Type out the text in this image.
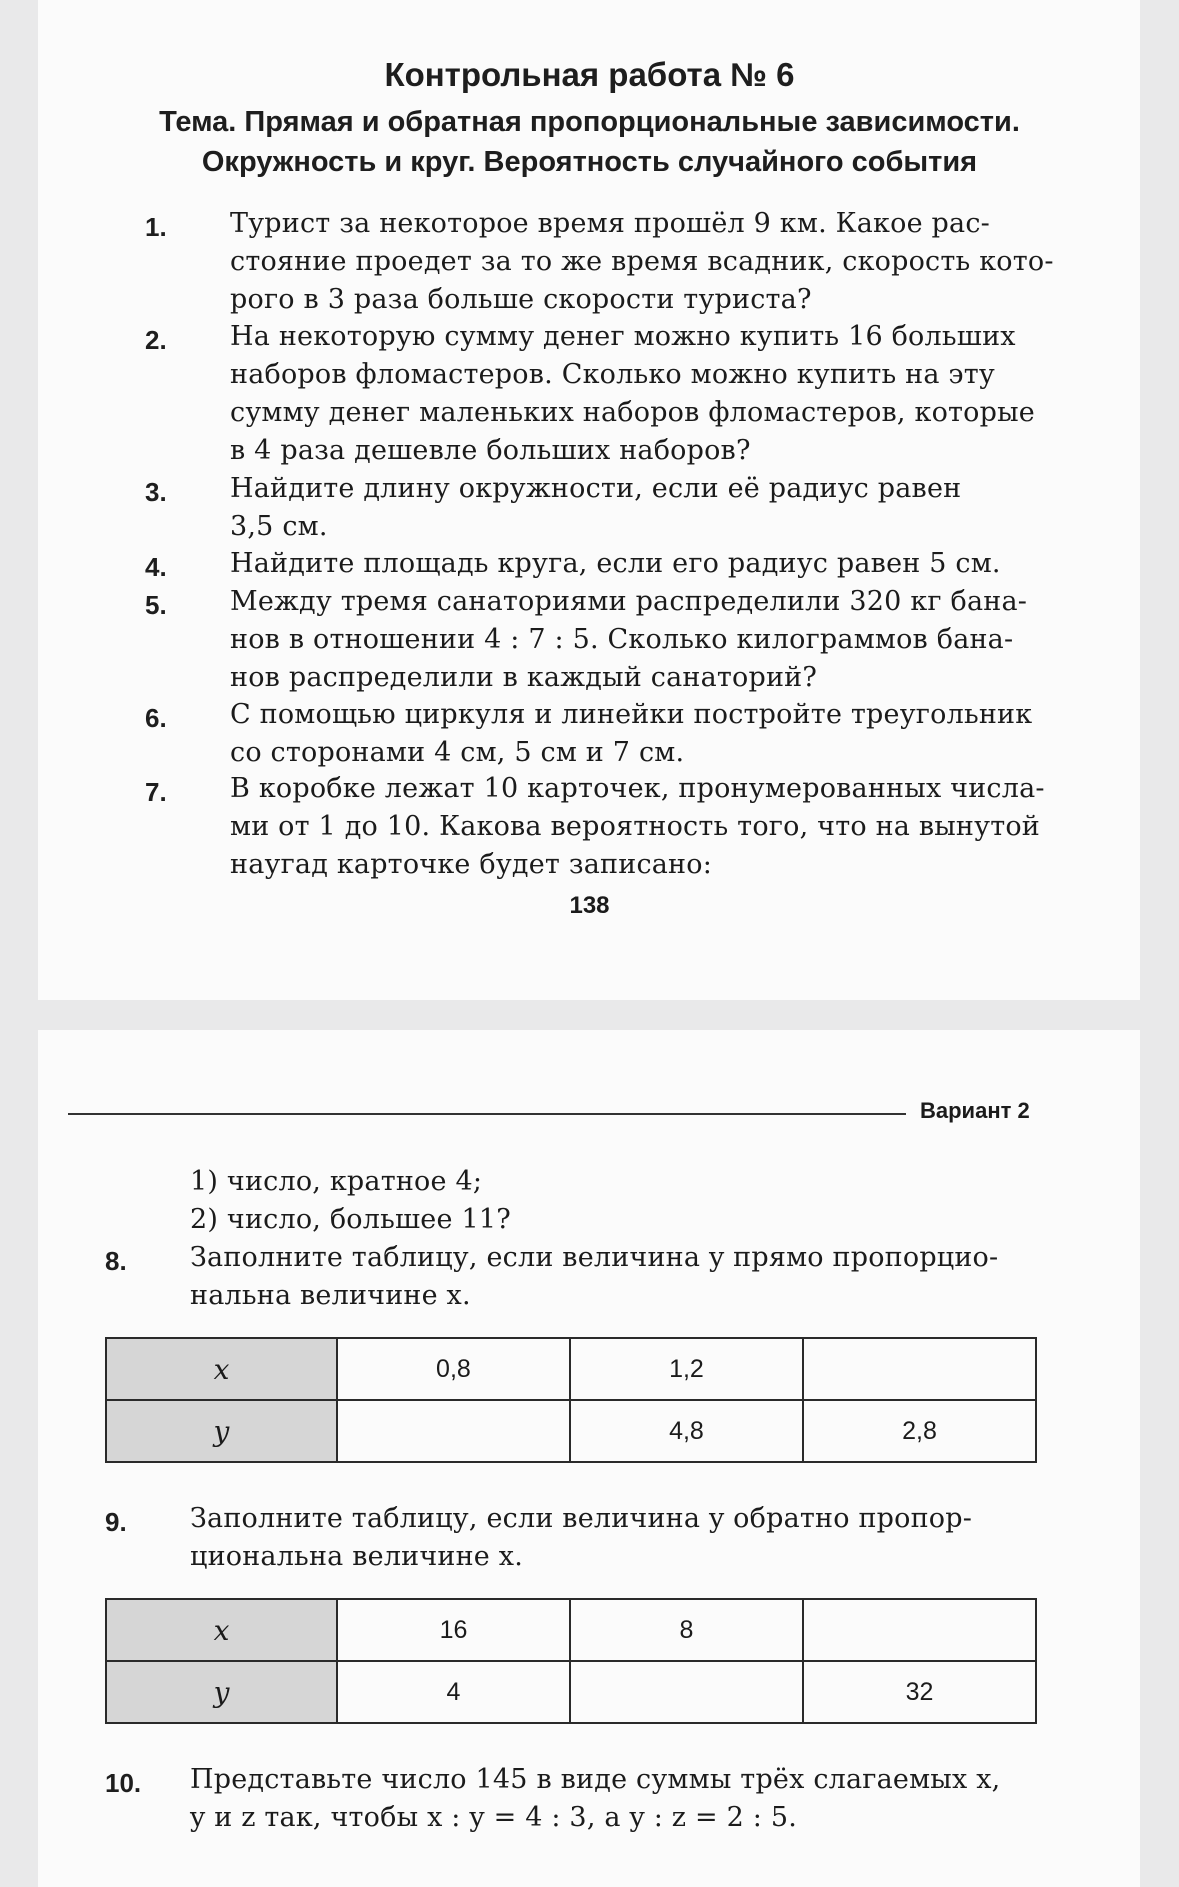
Контрольная работа № 6
Тема. Прямая и обратная пропорциональные зависимости.
Окружность и круг. Вероятность случайного события
1. Турист за некоторое время прошёл 9 км. Какое рас-
стояние проедет за то же время всадник, скорость кото-
рого в 3 раза больше скорости туриста?
2. На некоторую сумму денег можно купить 16 больших
наборов фломастеров. Сколько можно купить на эту
сумму денег маленьких наборов фломастеров, которые
в 4 раза дешевле больших наборов?
3. Найдите длину окружности, если её радиус равен
3,5 см.
4. Найдите площадь круга, если его радиус равен 5 см.
5. Между тремя санаториями распределили 320 кг бана-
нов в отношении 4 : 7 : 5. Сколько килограммов бана-
нов распределили в каждый санаторий?
6. С помощью циркуля и линейки постройте треугольник
со сторонами 4 см, 5 см и 7 см.
7. В коробке лежат 10 карточек, пронумерованных числа-
ми от 1 до 10. Какова вероятность того, что на вынутой
наугад карточке будет записано:
138
Вариант 2
1) число, кратное 4;
2) число, большее 11?
8. Заполните таблицу, если величина y прямо пропорцио-
нальна величине x.
x	0,8	1,2	
y		4,8	2,8
9. Заполните таблицу, если величина y обратно пропор-
циональна величине x.
x	16	8	
y	4		32
10. Представьте число 145 в виде суммы трёх слагаемых x,
y и z так, чтобы x : y = 4 : 3, а y : z = 2 : 5.
